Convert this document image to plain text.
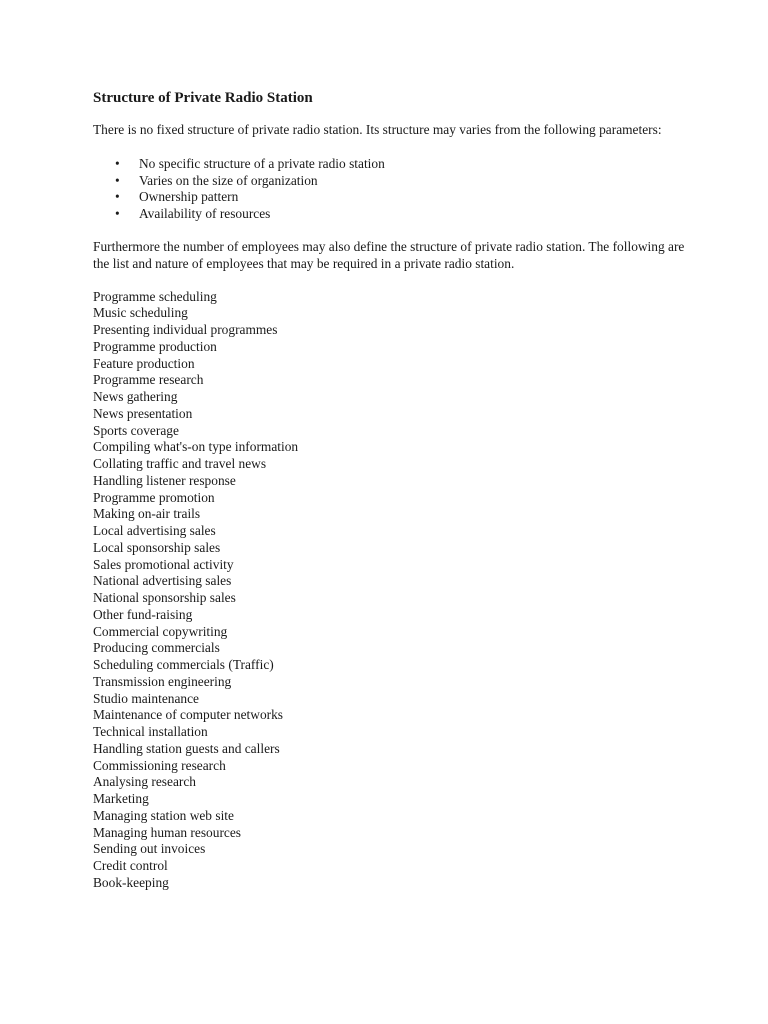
Structure of Private Radio Station

There is no fixed structure of private radio station. Its structure may varies from the following parameters:

• No specific structure of a private radio station
• Varies on the size of organization
• Ownership pattern
• Availability of resources

Furthermore the number of employees may also define the structure of private radio station. The following are the list and nature of employees that may be required in a private radio station.

Programme scheduling
Music scheduling
Presenting individual programmes
Programme production
Feature production
Programme research
News gathering
News presentation
Sports coverage
Compiling what's-on type information
Collating traffic and travel news
Handling listener response
Programme promotion
Making on-air trails
Local advertising sales
Local sponsorship sales
Sales promotional activity
National advertising sales
National sponsorship sales
Other fund-raising
Commercial copywriting
Producing commercials
Scheduling commercials (Traffic)
Transmission engineering
Studio maintenance
Maintenance of computer networks
Technical installation
Handling station guests and callers
Commissioning research
Analysing research
Marketing
Managing station web site
Managing human resources
Sending out invoices
Credit control
Book-keeping
